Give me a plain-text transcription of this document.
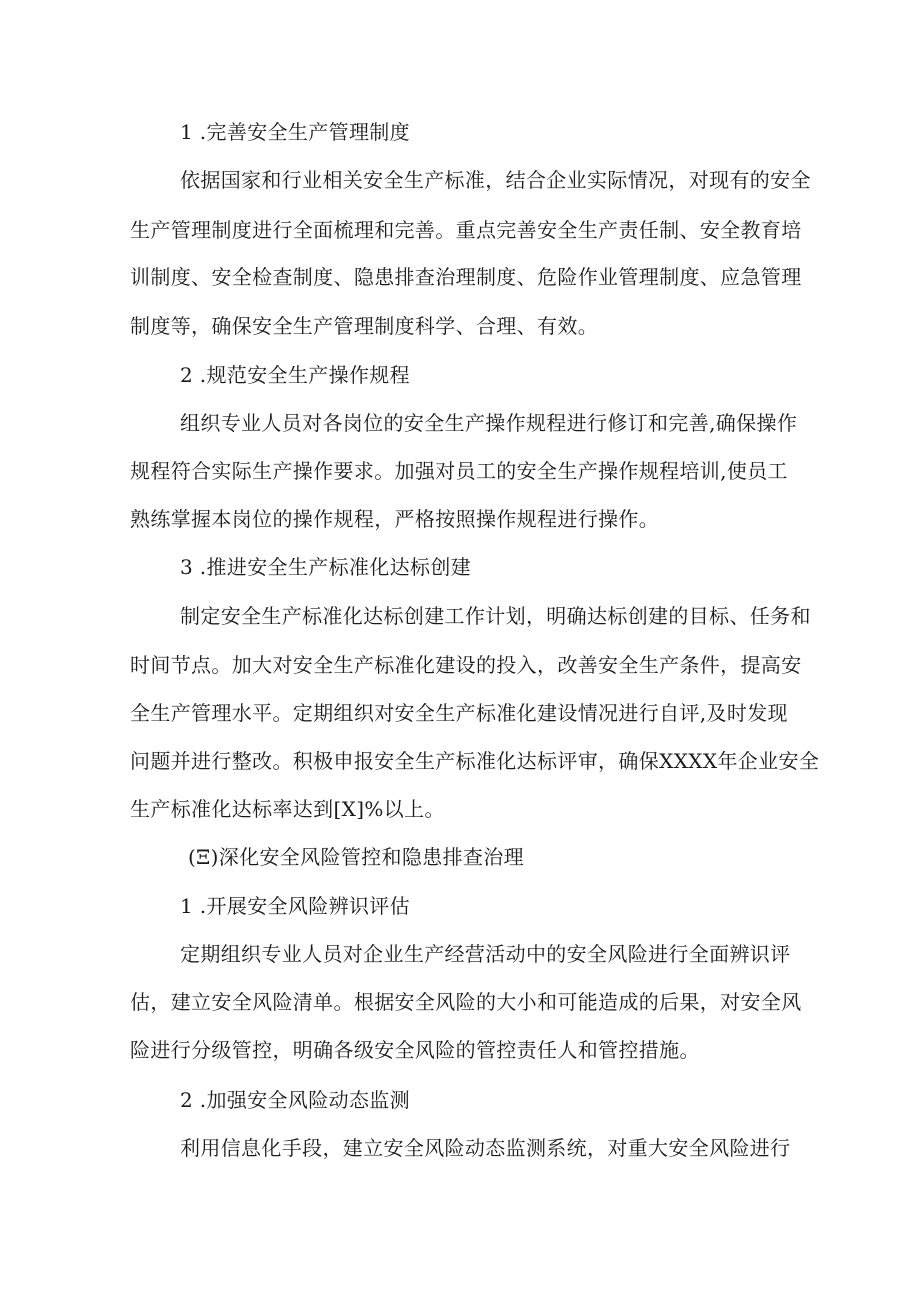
1 .完善安全生产管理制度

依据国家和行业相关安全生产标准，结合企业实际情况，对现有的安全

生产管理制度进行全面梳理和完善。重点完善安全生产责任制、安全教育培

训制度、安全检查制度、隐患排查治理制度、危险作业管理制度、应急管理

制度等，确保安全生产管理制度科学、合理、有效。

2 .规范安全生产操作规程

组织专业人员对各岗位的安全生产操作规程进行修订和完善,确保操作

规程符合实际生产操作要求。加强对员工的安全生产操作规程培训,使员工

熟练掌握本岗位的操作规程，严格按照操作规程进行操作。

3 .推进安全生产标准化达标创建

制定安全生产标准化达标创建工作计划，明确达标创建的目标、任务和

时间节点。加大对安全生产标准化建设的投入，改善安全生产条件，提高安

全生产管理水平。定期组织对安全生产标准化建设情况进行自评,及时发现

问题并进行整改。积极申报安全生产标准化达标评审，确保XXXX年企业安全

生产标准化达标率达到[X]%以上。

(Ξ)深化安全风险管控和隐患排查治理

1 .开展安全风险辨识评估

定期组织专业人员对企业生产经营活动中的安全风险进行全面辨识评

估，建立安全风险清单。根据安全风险的大小和可能造成的后果，对安全风

险进行分级管控，明确各级安全风险的管控责任人和管控措施。

2 .加强安全风险动态监测

利用信息化手段，建立安全风险动态监测系统，对重大安全风险进行
